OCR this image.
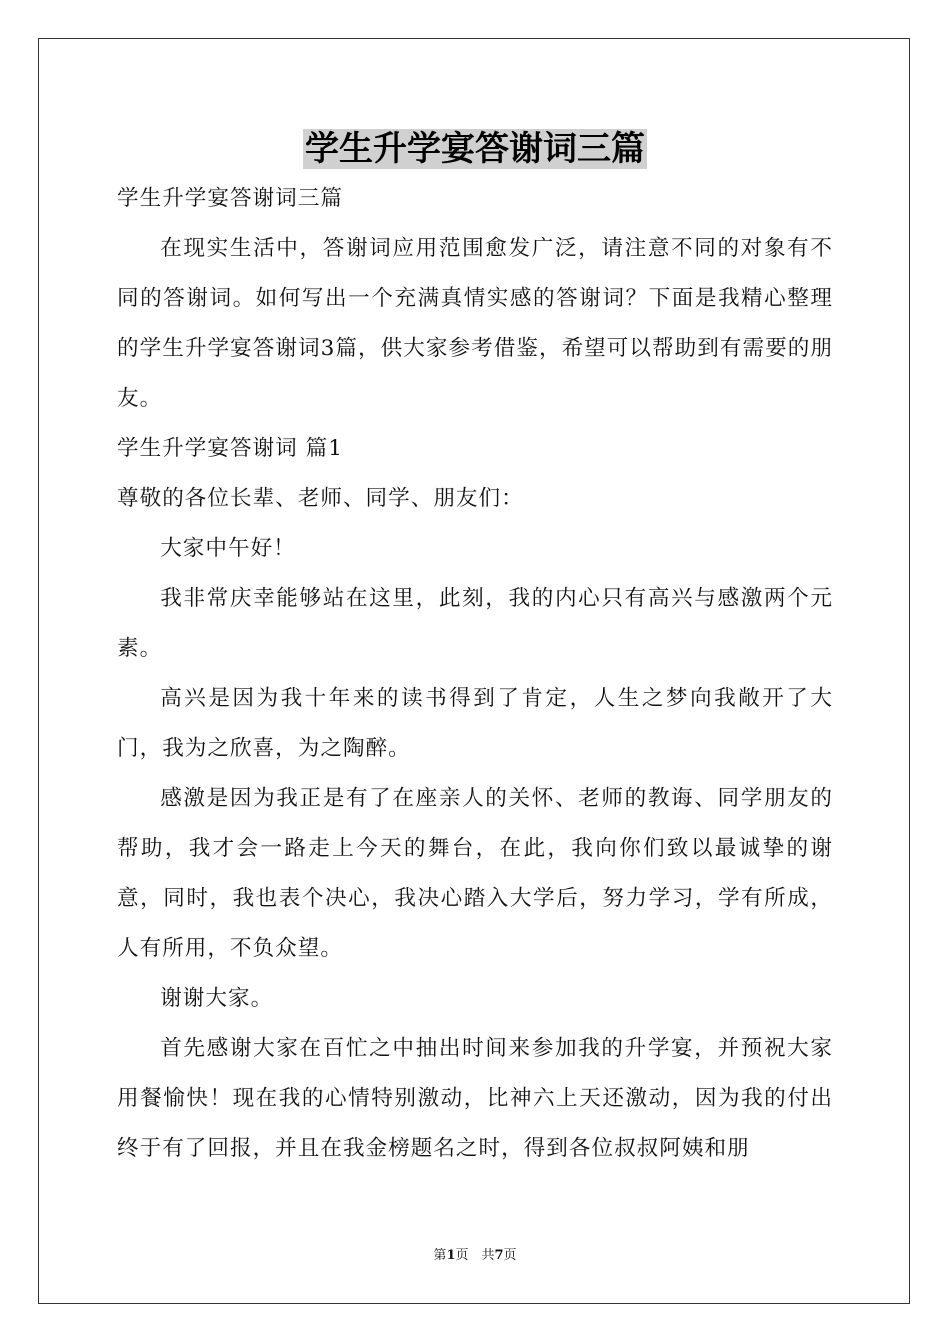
学生升学宴答谢词三篇

学生升学宴答谢词三篇

在现实生活中，答谢词应用范围愈发广泛，请注意不同的对象有不同的答谢词。如何写出一个充满真情实感的答谢词？下面是我精心整理的学生升学宴答谢词3篇，供大家参考借鉴，希望可以帮助到有需要的朋友。

学生升学宴答谢词 篇1

尊敬的各位长辈、老师、同学、朋友们：

大家中午好！

我非常庆幸能够站在这里，此刻，我的内心只有高兴与感激两个元素。

高兴是因为我十年来的读书得到了肯定，人生之梦向我敞开了大门，我为之欣喜，为之陶醉。

感激是因为我正是有了在座亲人的关怀、老师的教诲、同学朋友的帮助，我才会一路走上今天的舞台，在此，我向你们致以最诚挚的谢意，同时，我也表个决心，我决心踏入大学后，努力学习，学有所成，人有所用，不负众望。

谢谢大家。

首先感谢大家在百忙之中抽出时间来参加我的升学宴，并预祝大家用餐愉快！现在我的心情特别激动，比神六上天还激动，因为我的付出终于有了回报，并且在我金榜题名之时，得到各位叔叔阿姨和朋

第1页　共7页
